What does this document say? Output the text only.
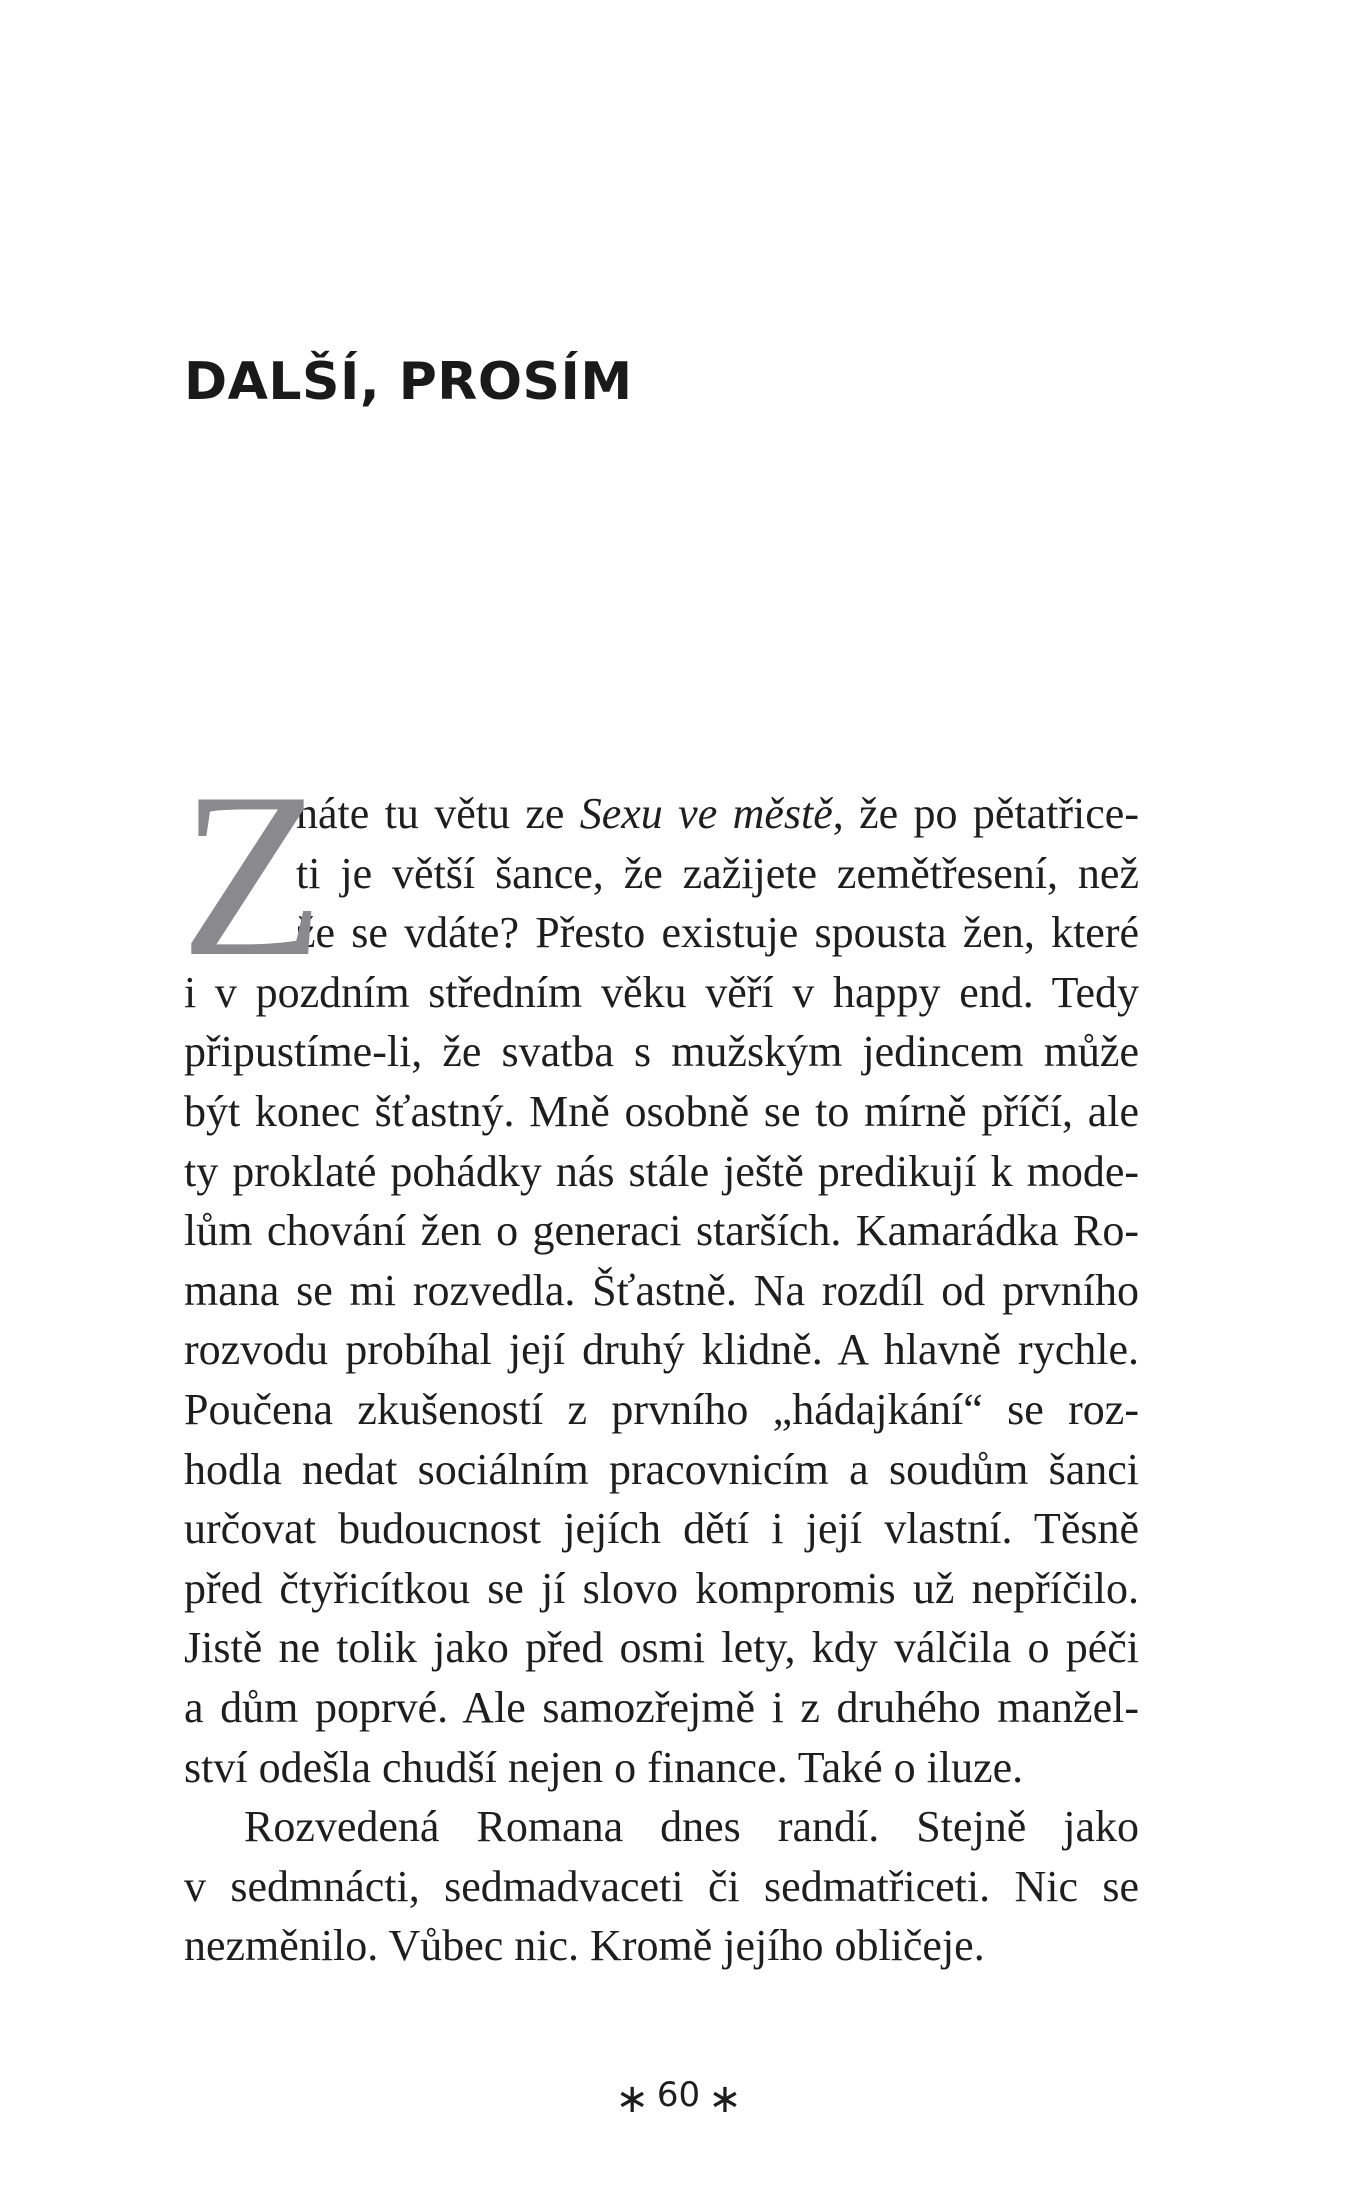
DALŠÍ, PROSÍM
Z
náte tu větu ze Sexu ve městě, že po pětatřice-
ti je větší šance, že zažijete zemětřesení, než
že se vdáte? Přesto existuje spousta žen, které
i v pozdním středním věku věří v happy end. Tedy
připustíme-li, že svatba s mužským jedincem může
být konec šťastný. Mně osobně se to mírně příčí, ale
ty proklaté pohádky nás stále ještě predikují k mode-
lům chování žen o generaci starších. Kamarádka Ro-
mana se mi rozvedla. Šťastně. Na rozdíl od prvního
rozvodu probíhal její druhý klidně. A hlavně rychle.
Poučena zkušeností z prvního „hádajkání“ se roz-
hodla nedat sociálním pracovnicím a soudům šanci
určovat budoucnost jejích dětí i její vlastní. Těsně
před čtyřicítkou se jí slovo kompromis už nepříčilo.
Jistě ne tolik jako před osmi lety, kdy válčila o péči
a dům poprvé. Ale samozřejmě i z druhého manžel-
ství odešla chudší nejen o finance. Také o iluze.
Rozvedená Romana dnes randí. Stejně jako
v sedmnácti, sedmadvaceti či sedmatřiceti. Nic se
nezměnilo. Vůbec nic. Kromě jejího obličeje.
∗ 60 ∗
